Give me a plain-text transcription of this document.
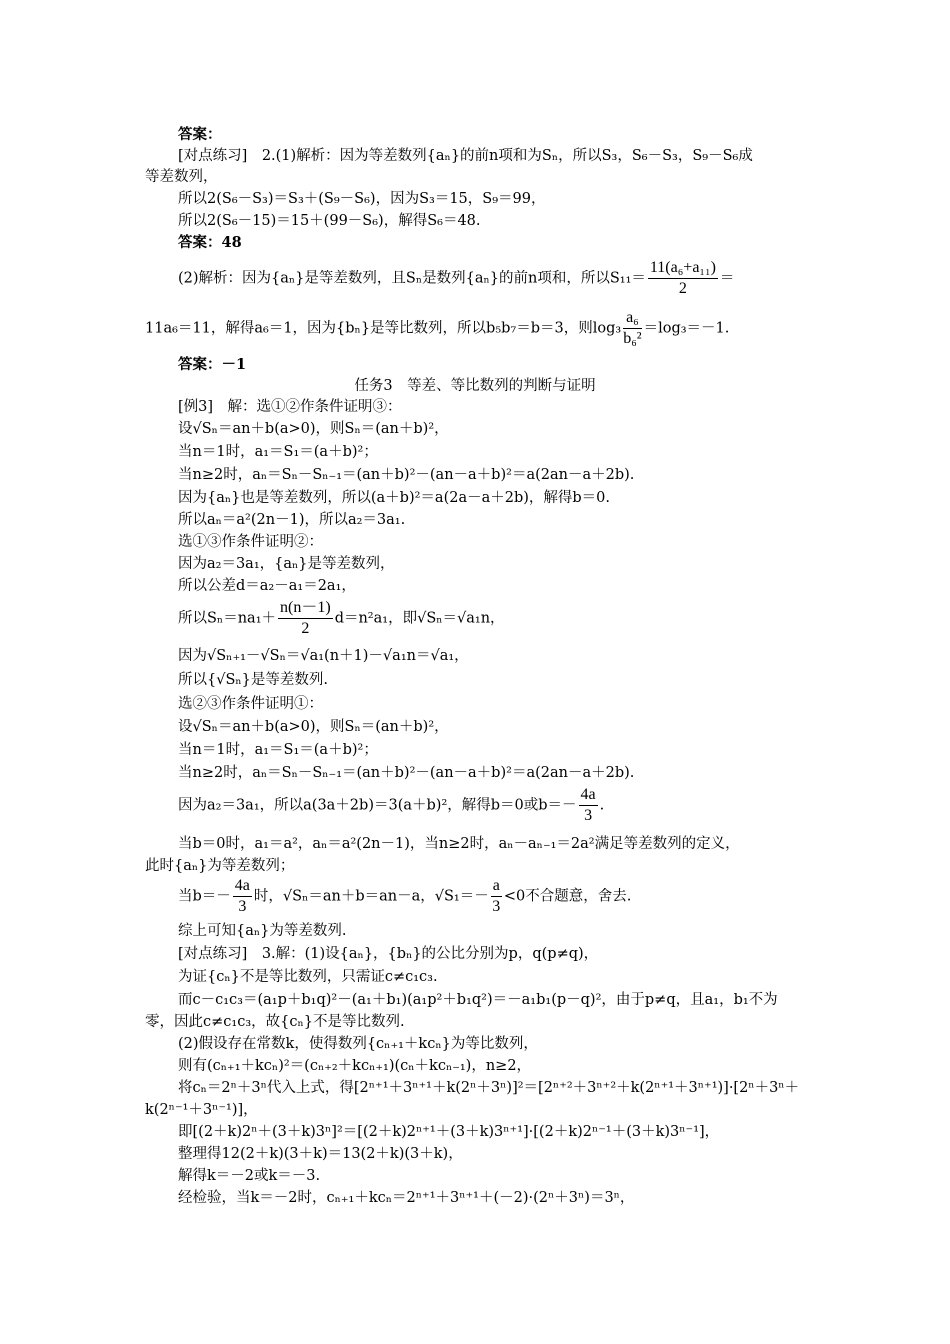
答案：
[对点练习]　2.(1)解析：因为等差数列{aₙ}的前n项和为Sₙ，所以S₃，S₆－S₃，S₉－S₆成
等差数列，
所以2(S₆－S₃)＝S₃＋(S₉－S₆)，因为S₃＝15，S₉＝99，
所以2(S₆－15)＝15＋(99－S₆)，解得S₆＝48.
答案：48
(2)解析：因为{aₙ}是等差数列，且Sₙ是数列{aₙ}的前n项和，所以$S_{11}= \frac{\text{11(a₆+a₁₁)}}{2}$ ＝
11a₆＝11，解得a₆＝1，因为{bₙ}是等比数列，所以b₅b₇＝b＝3，则$\log_3 \frac{\text{a₆}}{\text{b₆²}} =\log_3=-1$.
答案：－1
任务3　等差、等比数列的判断与证明
[例3]　解：选①②作条件证明③：
设√Sₙ＝an＋b(a>0)，则Sₙ＝(an＋b)²，
当n＝1时，a₁＝S₁＝(a＋b)²；
当n≥2时，aₙ＝Sₙ－Sₙ₋₁＝(an＋b)²－(an－a＋b)²＝a(2an－a＋2b).
因为{aₙ}也是等差数列，所以(a＋b)²＝a(2a－a＋2b)，解得b＝0.
所以aₙ＝a²(2n－1)，所以a₂＝3a₁.
选①③作条件证明②：
因为a₂＝3a₁，{aₙ}是等差数列，
所以公差d＝a₂－a₁＝2a₁，
所以$S_n=na_1+ \frac{n(n-1)}{2} d=n^2a_1$，即√Sₙ＝√a₁n，
因为√Sₙ₊₁－√Sₙ＝√a₁(n＋1)－√a₁n＝√a₁，
所以{√Sₙ}是等差数列.
选②③作条件证明①：
设√Sₙ＝an＋b(a>0)，则Sₙ＝(an＋b)²，
当n＝1时，a₁＝S₁＝(a＋b)²；
当n≥2时，aₙ＝Sₙ－Sₙ₋₁＝(an＋b)²－(an－a＋b)²＝a(2an－a＋2b).
因为a₂＝3a₁，所以a(3a＋2b)＝3(a＋b)²，解得b＝0或$b=- \frac{4a}{3}$ .
当b＝0时，a₁＝a²，aₙ＝a²(2n－1)，当n≥2时，aₙ－aₙ₋₁＝2a²满足等差数列的定义，
此时{aₙ}为等差数列；
当$b=- \frac{4a}{3}$ 时，√Sₙ＝an＋b＝an－a，$√S_1=- \frac{a}{3} <0$不合题意，舍去.
综上可知{aₙ}为等差数列.
[对点练习]　3.解：(1)设{aₙ}，{bₙ}的公比分别为p，q(p≠q)，
为证{cₙ}不是等比数列，只需证c≠c₁c₃.
而c－c₁c₃＝(a₁p＋b₁q)²－(a₁＋b₁)(a₁p²＋b₁q²)＝－a₁b₁(p－q)²，由于p≠q，且a₁，b₁不为
零，因此c≠c₁c₃，故{cₙ}不是等比数列.
(2)假设存在常数k，使得数列{cₙ₊₁＋kcₙ}为等比数列，
则有(cₙ₊₁＋kcₙ)²＝(cₙ₊₂＋kcₙ₊₁)(cₙ＋kcₙ₋₁)，n≥2，
将cₙ＝2ⁿ＋3ⁿ代入上式，得[2ⁿ⁺¹＋3ⁿ⁺¹＋k(2ⁿ＋3ⁿ)]²＝[2ⁿ⁺²＋3ⁿ⁺²＋k(2ⁿ⁺¹＋3ⁿ⁺¹)]·[2ⁿ＋3ⁿ＋
k(2ⁿ⁻¹＋3ⁿ⁻¹)]，
即[(2＋k)2ⁿ＋(3＋k)3ⁿ]²＝[(2＋k)2ⁿ⁺¹＋(3＋k)3ⁿ⁺¹]·[(2＋k)2ⁿ⁻¹＋(3＋k)3ⁿ⁻¹]，
整理得12(2＋k)(3＋k)＝13(2＋k)(3＋k)，
解得k＝－2或k＝－3.
经检验，当k＝－2时，cₙ₊₁＋kcₙ＝2ⁿ⁺¹＋3ⁿ⁺¹＋(－2)·(2ⁿ＋3ⁿ)＝3ⁿ，
